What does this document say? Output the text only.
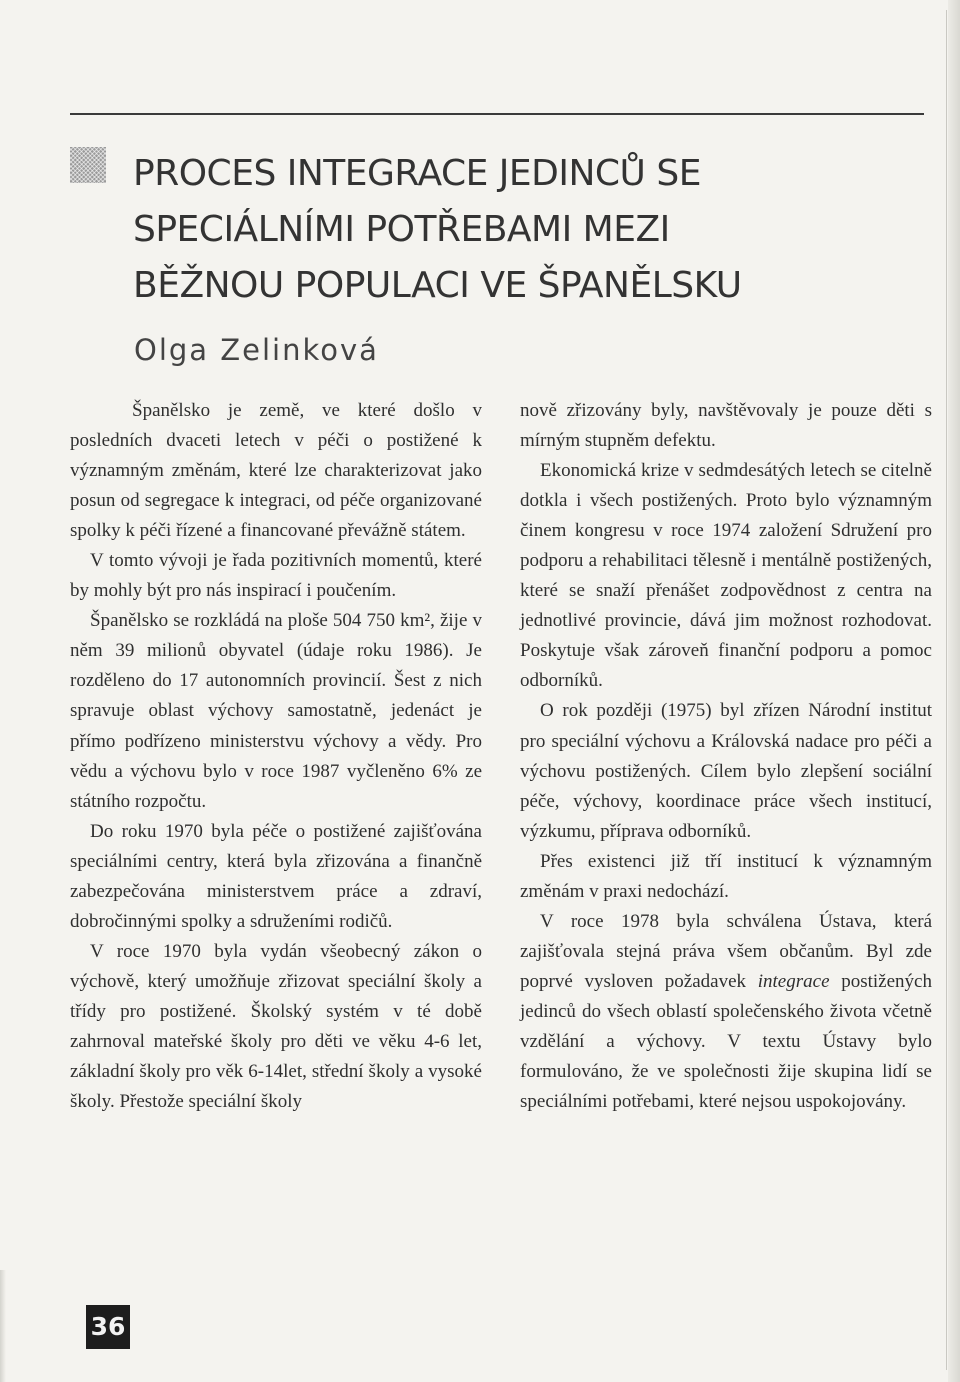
PROCES INTEGRACE JEDINCŮ SE
SPECIÁLNÍMI POTŘEBAMI MEZI
BĚŽNOU POPULACI VE ŠPANĚLSKU
Olga Zelinková

Španělsko je země, ve které došlo v posledních dvaceti letech v péči o postižené k významným změnám, které lze charakterizovat jako posun od segregace k integraci, od péče organizované spolky k péči řízené a financované převážně státem.

V tomto vývoji je řada pozitivních momentů, které by mohly být pro nás inspirací i poučením.

Španělsko se rozkládá na ploše 504 750 km², žije v něm 39 milionů obyvatel (údaje roku 1986). Je rozděleno do 17 autonomních provincií. Šest z nich spravuje oblast výchovy samostatně, jedenáct je přímo podřízeno ministerstvu výchovy a vědy. Pro vědu a výchovu bylo v roce 1987 vyčleněno 6% ze státního rozpočtu.

Do roku 1970 byla péče o postižené zajišťována speciálními centry, která byla zřizována a finančně zabezpečována ministerstvem práce a zdraví, dobročinnými spolky a sdruženími rodičů.

V roce 1970 byla vydán všeobecný zákon o výchově, který umožňuje zřizovat speciální školy a třídy pro postižené. Školský systém v té době zahrnoval mateřské školy pro děti ve věku 4-6 let, základní školy pro věk 6-14let, střední školy a vysoké školy. Přestože speciální školy

nově zřizovány byly, navštěvovaly je pouze děti s mírným stupněm defektu.

Ekonomická krize v sedmdesátých letech se citelně dotkla i všech postižených. Proto bylo významným činem kongresu v roce 1974 založení Sdružení pro podporu a rehabilitaci tělesně i mentálně postižených, které se snaží přenášet zodpovědnost z centra na jednotlivé provincie, dává jim možnost rozhodovat. Poskytuje však zároveň finanční podporu a pomoc odborníků.

O rok později (1975) byl zřízen Národní institut pro speciální výchovu a Královská nadace pro péči a výchovu postižených. Cílem bylo zlepšení sociální péče, výchovy, koordinace práce všech institucí, výzkumu, příprava odborníků.

Přes existenci již tří institucí k významným změnám v praxi nedochází.

V roce 1978 byla schválena Ústava, která zajišťovala stejná práva všem občanům. Byl zde poprvé vysloven požadavek integrace postižených jedinců do všech oblastí společenského života včetně vzdělání a výchovy. V textu Ústavy bylo formulováno, že ve společnosti žije skupina lidí se speciálními potřebami, které nejsou uspokojovány.

36
